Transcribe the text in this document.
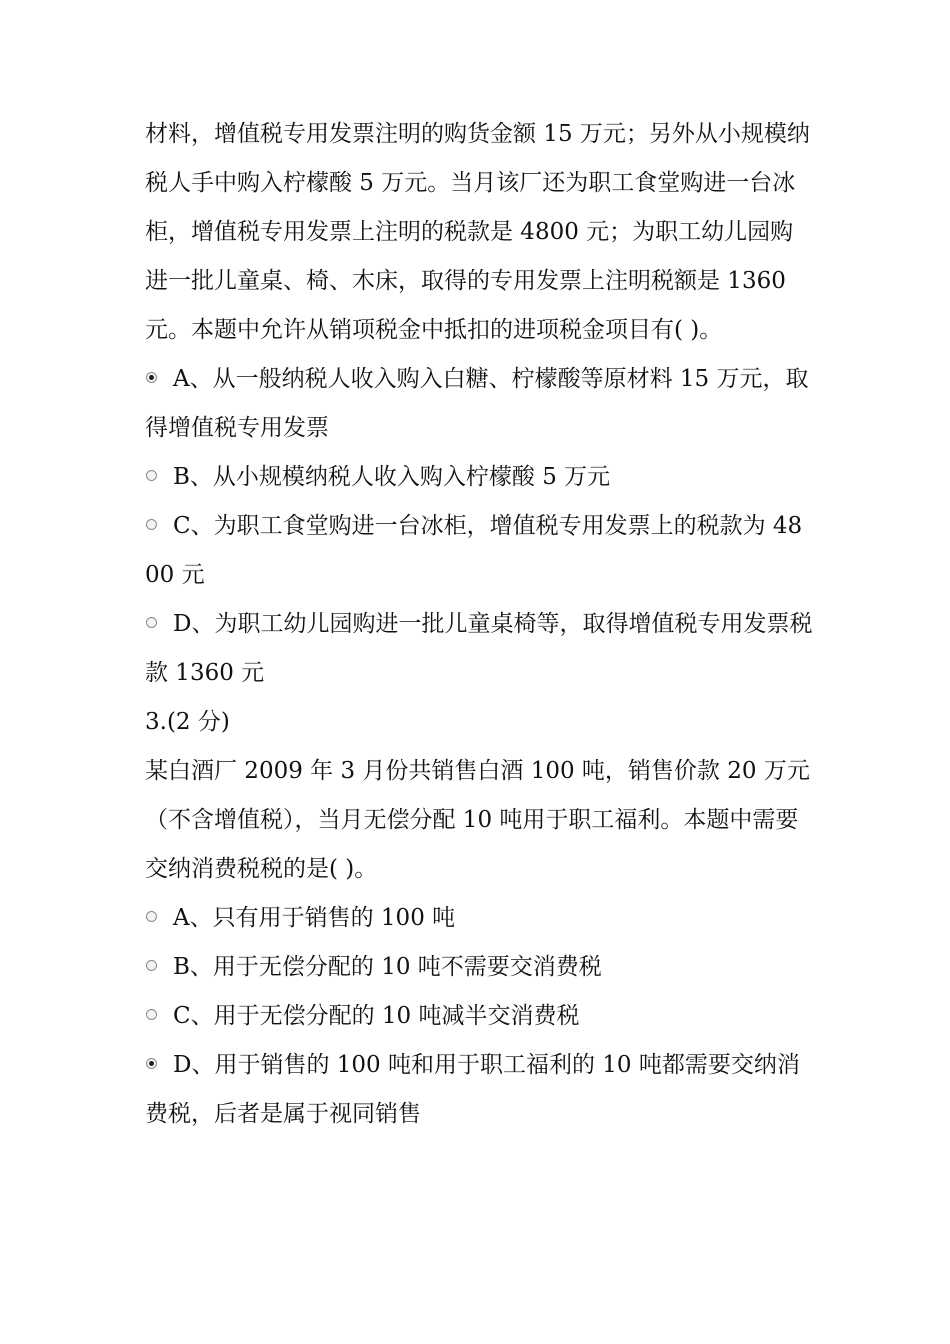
材料，增值税专用发票注明的购货金额 15 万元；另外从小规模纳税人手中购入柠檬酸 5 万元。当月该厂还为职工食堂购进一台冰柜，增值税专用发票上注明的税款是 4800 元；为职工幼儿园购进一批儿童桌、椅、木床，取得的专用发票上注明税额是 1360 元。本题中允许从销项税金中抵扣的进项税金项目有( )。

A、从一般纳税人收入购入白糖、柠檬酸等原材料 15 万元，取得增值税专用发票
B、从小规模纳税人收入购入柠檬酸 5 万元
C、为职工食堂购进一台冰柜，增值税专用发票上的税款为 4800 元
D、为职工幼儿园购进一批儿童桌椅等，取得增值税专用发票税款 1360 元
3.(2 分)

某白酒厂 2009 年 3 月份共销售白酒 100 吨，销售价款 20 万元（不含增值税），当月无偿分配 10 吨用于职工福利。本题中需要交纳消费税税的是( )。

A、只有用于销售的 100 吨
B、用于无偿分配的 10 吨不需要交消费税
C、用于无偿分配的 10 吨减半交消费税
D、用于销售的 100 吨和用于职工福利的 10 吨都需要交纳消费税，后者是属于视同销售
